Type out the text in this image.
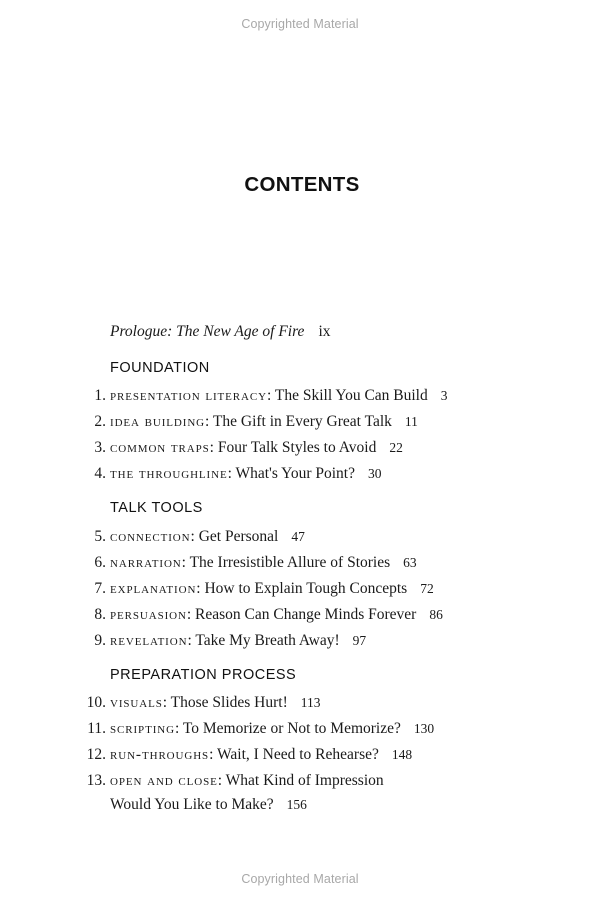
Copyrighted Material
CONTENTS
Prologue: The New Age of Fire ix
FOUNDATION
1. presentation literacy: The Skill You Can Build 3
2. idea building: The Gift in Every Great Talk 11
3. common traps: Four Talk Styles to Avoid 22
4. the throughline: What's Your Point? 30
TALK TOOLS
5. connection: Get Personal 47
6. narration: The Irresistible Allure of Stories 63
7. explanation: How to Explain Tough Concepts 72
8. persuasion: Reason Can Change Minds Forever 86
9. revelation: Take My Breath Away! 97
PREPARATION PROCESS
10. visuals: Those Slides Hurt! 113
11. scripting: To Memorize or Not to Memorize? 130
12. run-throughs: Wait, I Need to Rehearse? 148
13. open and close: What Kind of Impression
Would You Like to Make? 156
Copyrighted Material
